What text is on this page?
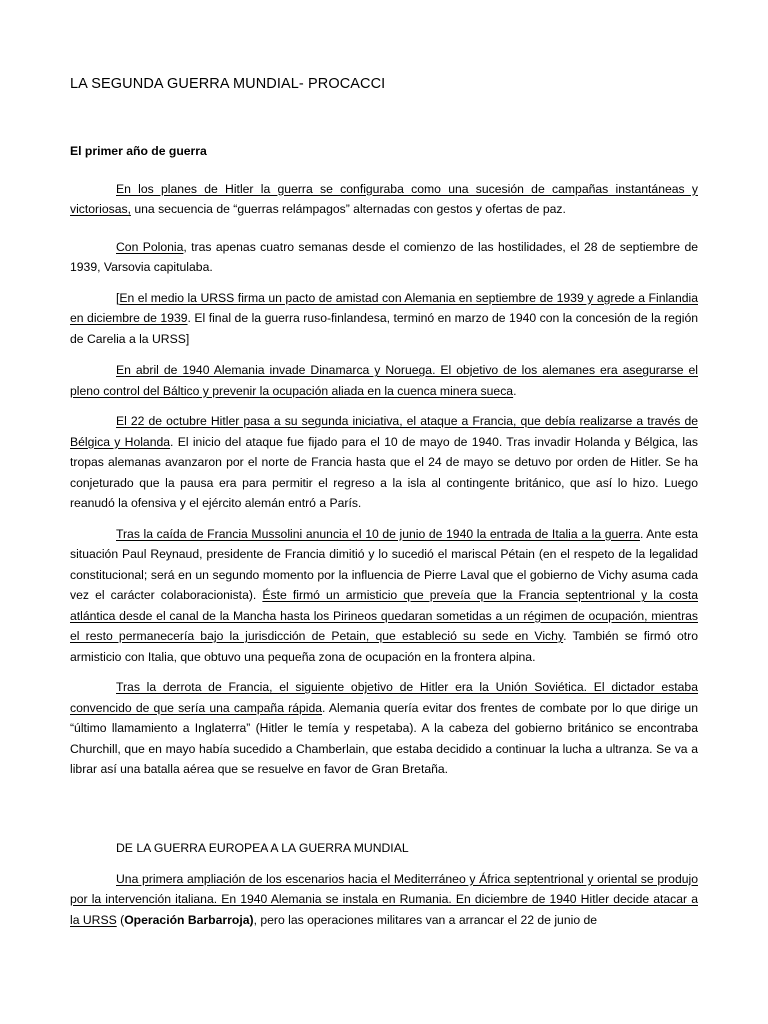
LA SEGUNDA GUERRA MUNDIAL- PROCACCI
El primer año de guerra

En los planes de Hitler la guerra se configuraba como una sucesión de campañas instantáneas y victoriosas, una secuencia de “guerras relámpagos” alternadas con gestos y ofertas de paz.

Con Polonia, tras apenas cuatro semanas desde el comienzo de las hostilidades, el 28 de septiembre de 1939, Varsovia capitulaba.

[En el medio la URSS firma un pacto de amistad con Alemania en septiembre de 1939 y agrede a Finlandia en diciembre de 1939. El final de la guerra ruso-finlandesa, terminó en marzo de 1940 con la concesión de la región de Carelia a la URSS]

En abril de 1940 Alemania invade Dinamarca y Noruega. El objetivo de los alemanes era asegurarse el pleno control del Báltico y prevenir la ocupación aliada en la cuenca minera sueca.

El 22 de octubre Hitler pasa a su segunda iniciativa, el ataque a Francia, que debía realizarse a través de Bélgica y Holanda. El inicio del ataque fue fijado para el 10 de mayo de 1940. Tras invadir Holanda y Bélgica, las tropas alemanas avanzaron por el norte de Francia hasta que el 24 de mayo se detuvo por orden de Hitler. Se ha conjeturado que la pausa era para permitir el regreso a la isla al contingente británico, que así lo hizo. Luego reanudó la ofensiva y el ejército alemán entró a París.

Tras la caída de Francia Mussolini anuncia el 10 de junio de 1940 la entrada de Italia a la guerra. Ante esta situación Paul Reynaud, presidente de Francia dimitió y lo sucedió el mariscal Pétain (en el respeto de la legalidad constitucional; será en un segundo momento por la influencia de Pierre Laval que el gobierno de Vichy asuma cada vez el carácter colaboracionista). Éste firmó un armisticio que preveía que la Francia septentrional y la costa atlántica desde el canal de la Mancha hasta los Pirineos quedaran sometidas a un régimen de ocupación, mientras el resto permanecería bajo la jurisdicción de Petain, que estableció su sede en Vichy. También se firmó otro armisticio con Italia, que obtuvo una pequeña zona de ocupación en la frontera alpina.

Tras la derrota de Francia, el siguiente objetivo de Hitler era la Unión Soviética. El dictador estaba convencido de que sería una campaña rápida. Alemania quería evitar dos frentes de combate por lo que dirige un “último llamamiento a Inglaterra” (Hitler le temía y respetaba). A la cabeza del gobierno británico se encontraba Churchill, que en mayo había sucedido a Chamberlain, que estaba decidido a continuar la lucha a ultranza. Se va a librar así una batalla aérea que se resuelve en favor de Gran Bretaña.

DE LA GUERRA EUROPEA A LA GUERRA MUNDIAL

Una primera ampliación de los escenarios hacia el Mediterráneo y África septentrional y oriental se produjo por la intervención italiana. En 1940 Alemania se instala en Rumania. En diciembre de 1940 Hitler decide atacar a la URSS (Operación Barbarroja), pero las operaciones militares van a arrancar el 22 de junio de
